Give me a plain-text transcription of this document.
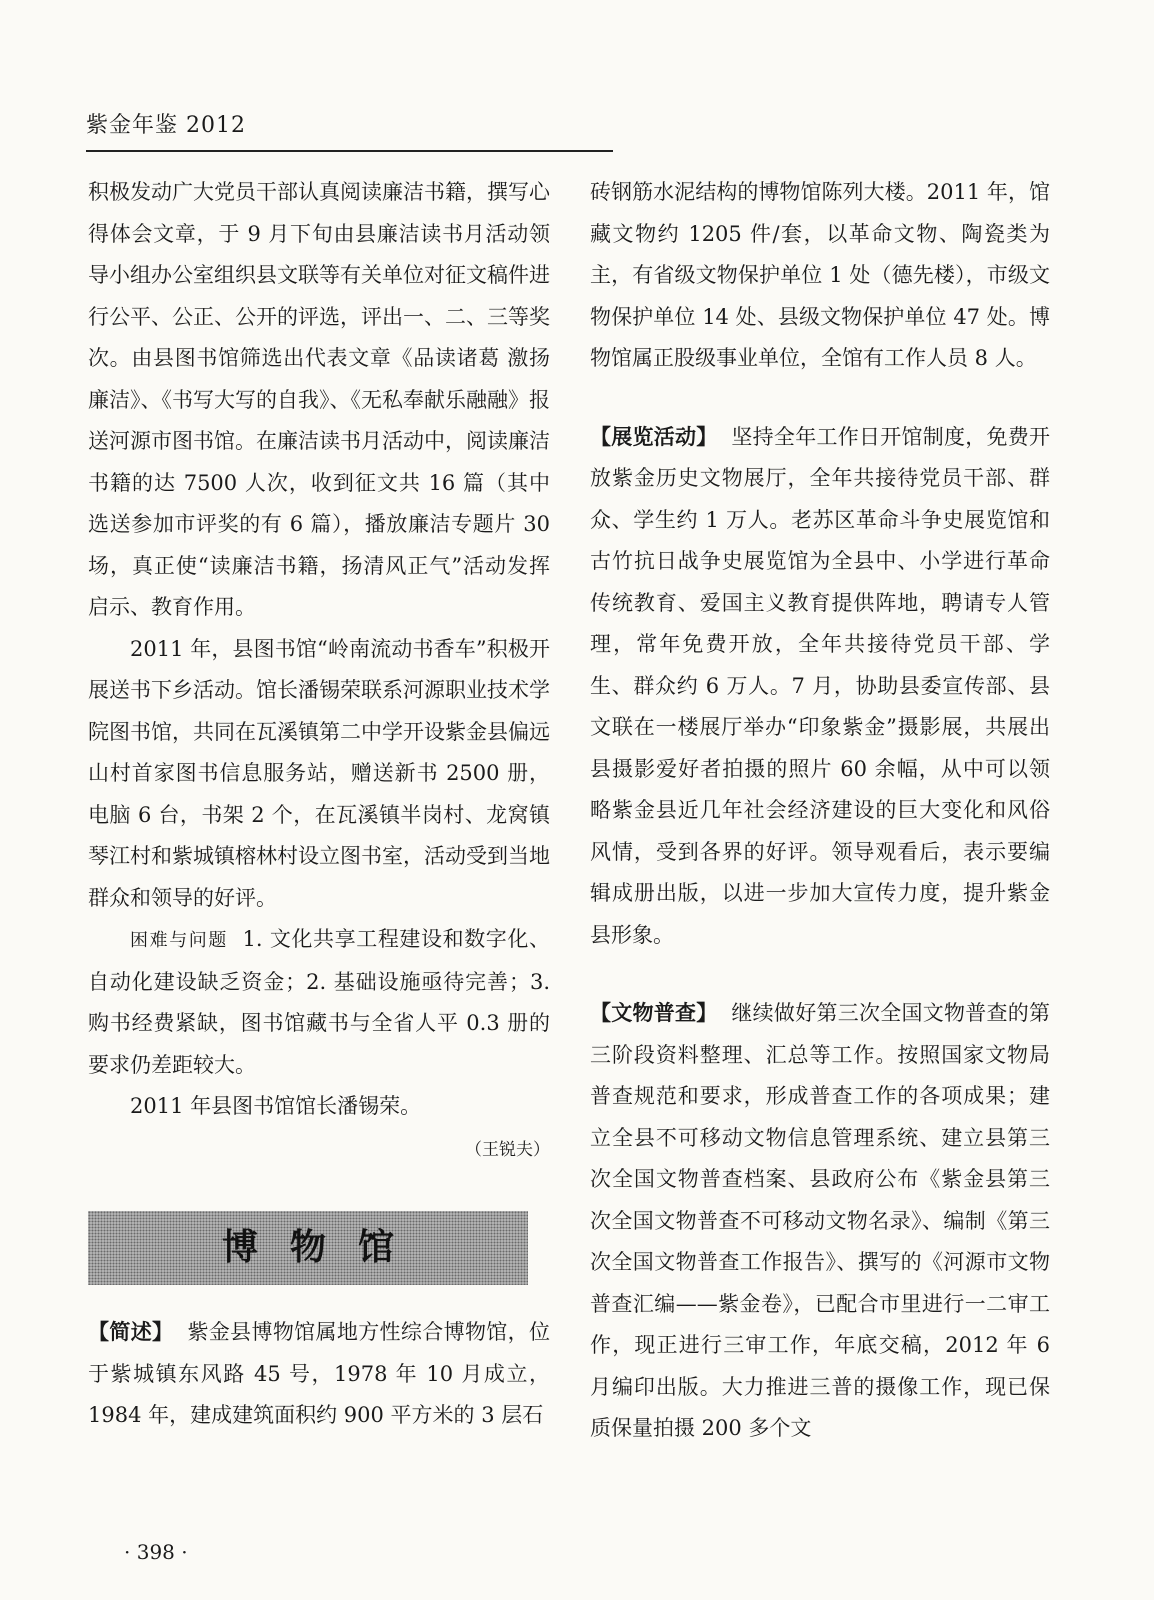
紫金年鉴 2012

积极发动广大党员干部认真阅读廉洁书籍，撰写心得体会文章，于 9 月下旬由县廉洁读书月活动领导小组办公室组织县文联等有关单位对征文稿件进行公平、公正、公开的评选，评出一、二、三等奖次。由县图书馆筛选出代表文章《品读诸葛 激扬廉洁》、《书写大写的自我》、《无私奉献乐融融》报送河源市图书馆。在廉洁读书月活动中，阅读廉洁书籍的达 7500 人次，收到征文共 16 篇（其中选送参加市评奖的有 6 篇），播放廉洁专题片 30 场，真正使“读廉洁书籍，扬清风正气”活动发挥启示、教育作用。

2011 年，县图书馆“岭南流动书香车”积极开展送书下乡活动。馆长潘锡荣联系河源职业技术学院图书馆，共同在瓦溪镇第二中学开设紫金县偏远山村首家图书信息服务站，赠送新书 2500 册，电脑 6 台，书架 2 个，在瓦溪镇半岗村、龙窝镇琴江村和紫城镇榕林村设立图书室，活动受到当地群众和领导的好评。

困难与问题 1. 文化共享工程建设和数字化、自动化建设缺乏资金；2. 基础设施亟待完善；3. 购书经费紧缺，图书馆藏书与全省人平 0.3 册的要求仍差距较大。

2011 年县图书馆馆长潘锡荣。

（王锐夫）

博物馆

【简述】 紫金县博物馆属地方性综合博物馆，位于紫城镇东风路 45 号，1978 年 10 月成立，1984 年，建成建筑面积约 900 平方米的 3 层石

砖钢筋水泥结构的博物馆陈列大楼。2011 年，馆藏文物约 1205 件/套，以革命文物、陶瓷类为主，有省级文物保护单位 1 处（德先楼），市级文物保护单位 14 处、县级文物保护单位 47 处。博物馆属正股级事业单位，全馆有工作人员 8 人。

【展览活动】 坚持全年工作日开馆制度，免费开放紫金历史文物展厅，全年共接待党员干部、群众、学生约 1 万人。老苏区革命斗争史展览馆和古竹抗日战争史展览馆为全县中、小学进行革命传统教育、爱国主义教育提供阵地，聘请专人管理，常年免费开放，全年共接待党员干部、学生、群众约 6 万人。7 月，协助县委宣传部、县文联在一楼展厅举办“印象紫金”摄影展，共展出县摄影爱好者拍摄的照片 60 余幅，从中可以领略紫金县近几年社会经济建设的巨大变化和风俗风情，受到各界的好评。领导观看后，表示要编辑成册出版，以进一步加大宣传力度，提升紫金县形象。

【文物普查】 继续做好第三次全国文物普查的第三阶段资料整理、汇总等工作。按照国家文物局普查规范和要求，形成普查工作的各项成果；建立全县不可移动文物信息管理系统、建立县第三次全国文物普查档案、县政府公布《紫金县第三次全国文物普查不可移动文物名录》、编制《第三次全国文物普查工作报告》、撰写的《河源市文物普查汇编——紫金卷》，已配合市里进行一二审工作，现正进行三审工作，年底交稿，2012 年 6 月编印出版。大力推进三普的摄像工作，现已保质保量拍摄 200 多个文

· 398 ·
